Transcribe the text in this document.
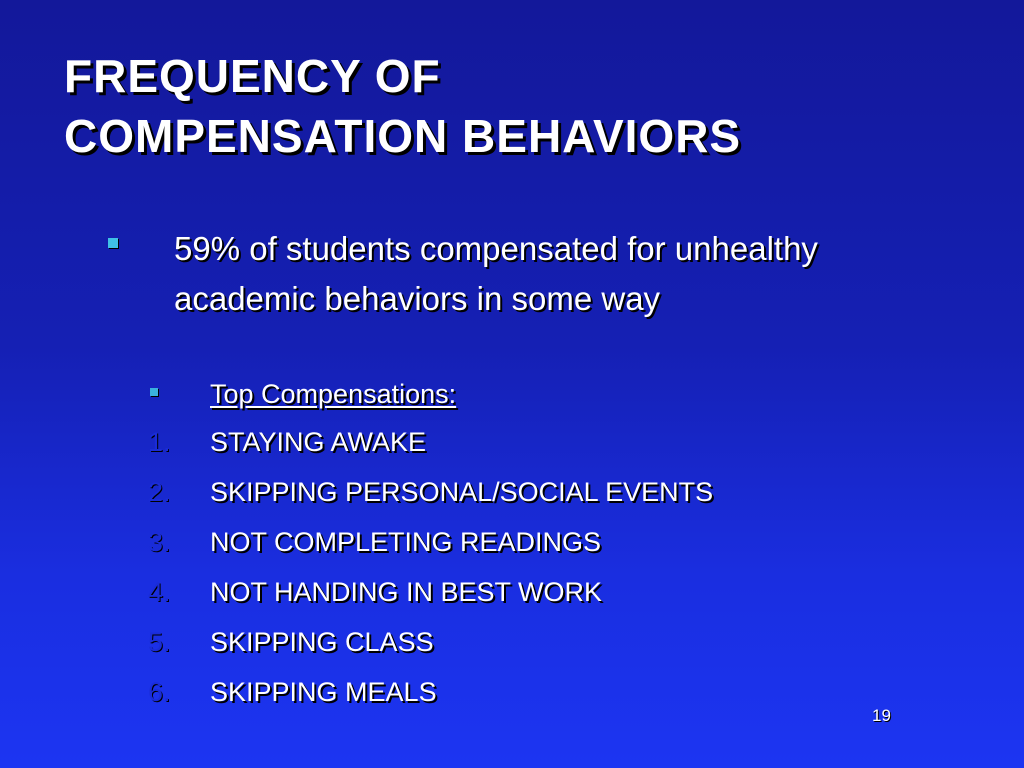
FREQUENCY OF
COMPENSATION BEHAVIORS
59% of students compensated for unhealthy
academic behaviors in some way
Top Compensations:
1.	STAYING AWAKE
2.	SKIPPING PERSONAL/SOCIAL EVENTS
3.	NOT COMPLETING READINGS
4.	NOT HANDING IN BEST WORK
5.	SKIPPING CLASS
6.	SKIPPING MEALS
19
